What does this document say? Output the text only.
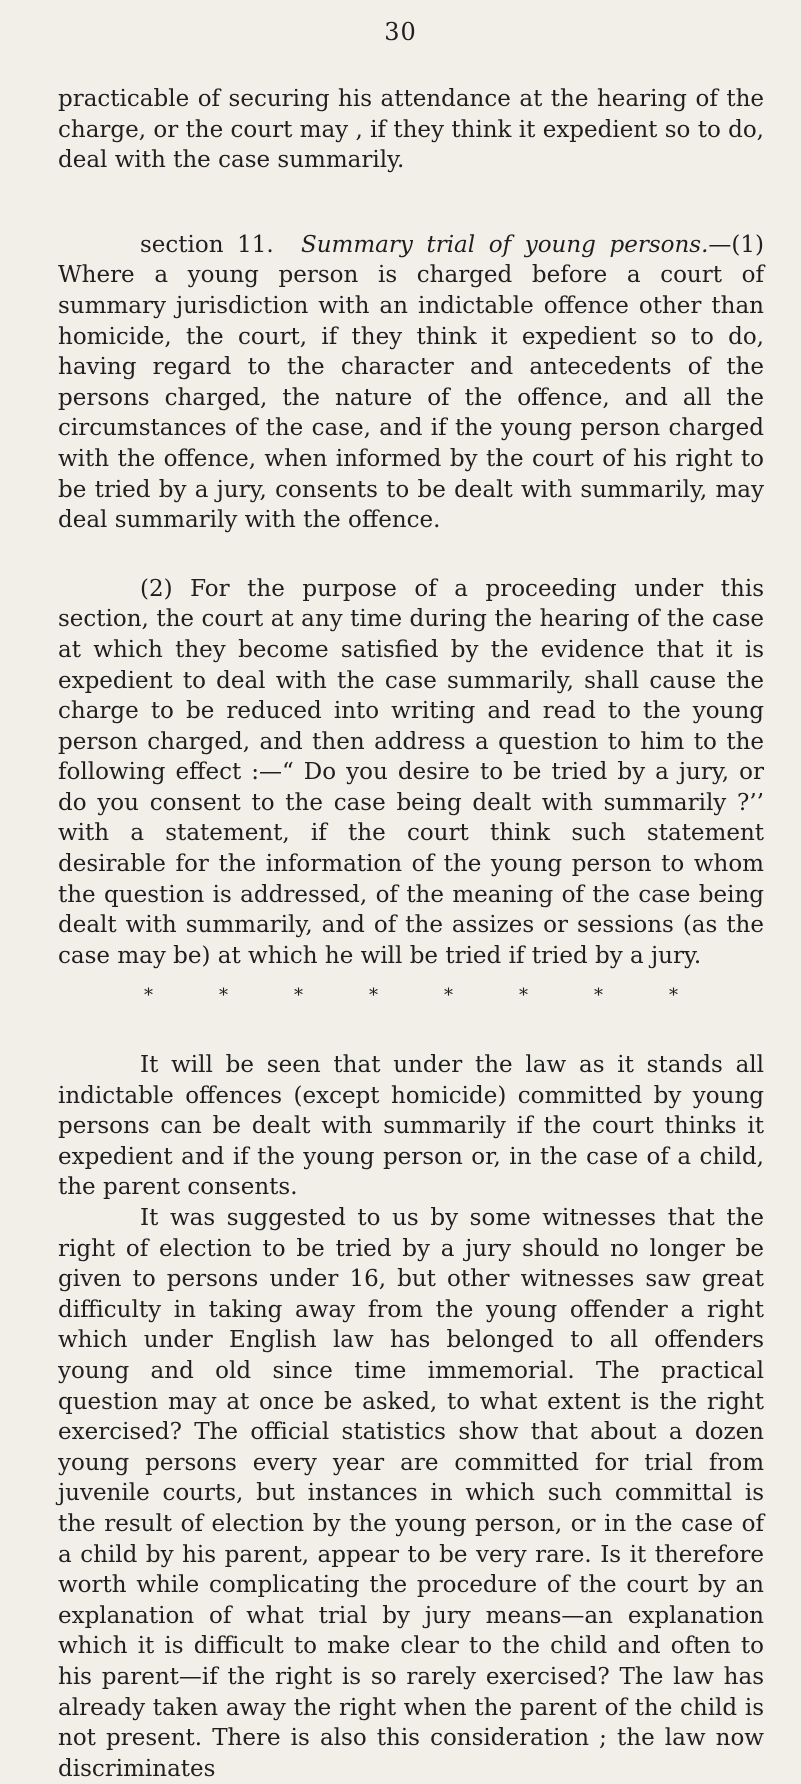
30

practicable of securing his attendance at the hearing of the charge, or the court may , if they think it expedient so to do, deal with the case summarily.

section 11. Summary trial of young persons.—(1) Where a young person is charged before a court of summary jurisdiction with an indictable offence other than homicide, the court, if they think it expedient so to do, having regard to the character and antecedents of the persons charged, the nature of the offence, and all the circumstances of the case, and if the young person charged with the offence, when informed by the court of his right to be tried by a jury, consents to be dealt with summarily, may deal summarily with the offence.

(2) For the purpose of a proceeding under this section, the court at any time during the hearing of the case at which they become satisfied by the evidence that it is expedient to deal with the case summarily, shall cause the charge to be reduced into writing and read to the young person charged, and then address a question to him to the following effect :—“ Do you desire to be tried by a jury, or do you consent to the case being dealt with summarily ?’’ with a statement, if the court think such statement desirable for the information of the young person to whom the question is addressed, of the meaning of the case being dealt with summarily, and of the assizes or sessions (as the case may be) at which he will be tried if tried by a jury.

*	*	*	*	*	*	*	*

It will be seen that under the law as it stands all indictable offences (except homicide) committed by young persons can be dealt with summarily if the court thinks it expedient and if the young person or, in the case of a child, the parent consents.

It was suggested to us by some witnesses that the right of election to be tried by a jury should no longer be given to persons under 16, but other witnesses saw great difficulty in taking away from the young offender a right which under English law has belonged to all offenders young and old since time immemorial. The practical question may at once be asked, to what extent is the right exercised? The official statistics show that about a dozen young persons every year are committed for trial from juvenile courts, but instances in which such committal is the result of election by the young person, or in the case of a child by his parent, appear to be very rare. Is it therefore worth while complicating the procedure of the court by an explanation of what trial by jury means—an explanation which it is difficult to make clear to the child and often to his parent—if the right is so rarely exercised? The law has already taken away the right when the parent of the child is not present. There is also this consideration ; the law now discriminates
